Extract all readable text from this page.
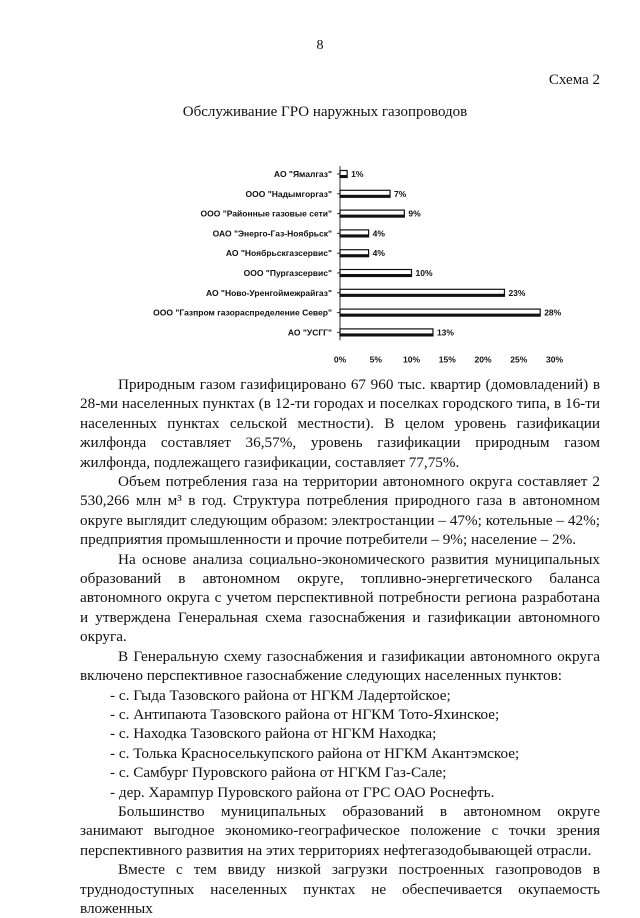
8
Схема 2
Обслуживание ГРО наружных газопроводов
АО "Ямалгаз" 1%
ООО "Надымгоргаз"	7%
ООО "Районные газовые сети"	9%
ОАО "Энерго-Газ-Ноябрьск"	4%
АО "Ноябрьскгазсервис"	4%
ООО "Пургазсервис"	10%
АО "Ново-Уренгоймежрайгаз"	23%
ООО "Газпром газораспределение Север"	28%
АО "УСГГ"	13%
0%	5% 10% 15% 20% 25% 30%

Природным газом газифицировано 67 960 тыс. квартир (домовладений) в 28-ми населенных пунктах (в 12-ти городах и поселках городского типа, в 16-ти населенных пунктах сельской местности). В целом уровень газификации жилфонда составляет 36,57%, уровень газификации природным газом жилфонда, подлежащего газификации, составляет 77,75%.

Объем потребления газа на территории автономного округа составляет 2 530,266 млн м³ в год. Структура потребления природного газа в автономном округе выглядит следующим образом: электростанции – 47%; котельные – 42%; предприятия промышленности и прочие потребители – 9%; население – 2%.

На основе анализа социально-экономического развития муниципальных образований в автономном округе, топливно-энергетического баланса автономного округа с учетом перспективной потребности региона разработана и утверждена Генеральная схема газоснабжения и газификации автономного округа.

В Генеральную схему газоснабжения и газификации автономного округа включено перспективное газоснабжение следующих населенных пунктов:

- с. Гыда Тазовского района от НГКМ Ладертойское;

- с. Антипаюта Тазовского района от НГКМ Тото-Яхинское;

- с. Находка Тазовского района от НГКМ Находка;

- с. Толька Красноселькупского района от НГКМ Акантэмское;

- с. Самбург Пуровского района от НГКМ Газ-Сале;

- дер. Харампур Пуровского района от ГРС ОАО Роснефть.

Большинство муниципальных образований в автономном округе занимают выгодное экономико-географическое положение с точки зрения перспективного развития на этих территориях нефтегазодобывающей отрасли.

Вместе с тем ввиду низкой загрузки построенных газопроводов в труднодоступных населенных пунктах не обеспечивается окупаемость вложенных
